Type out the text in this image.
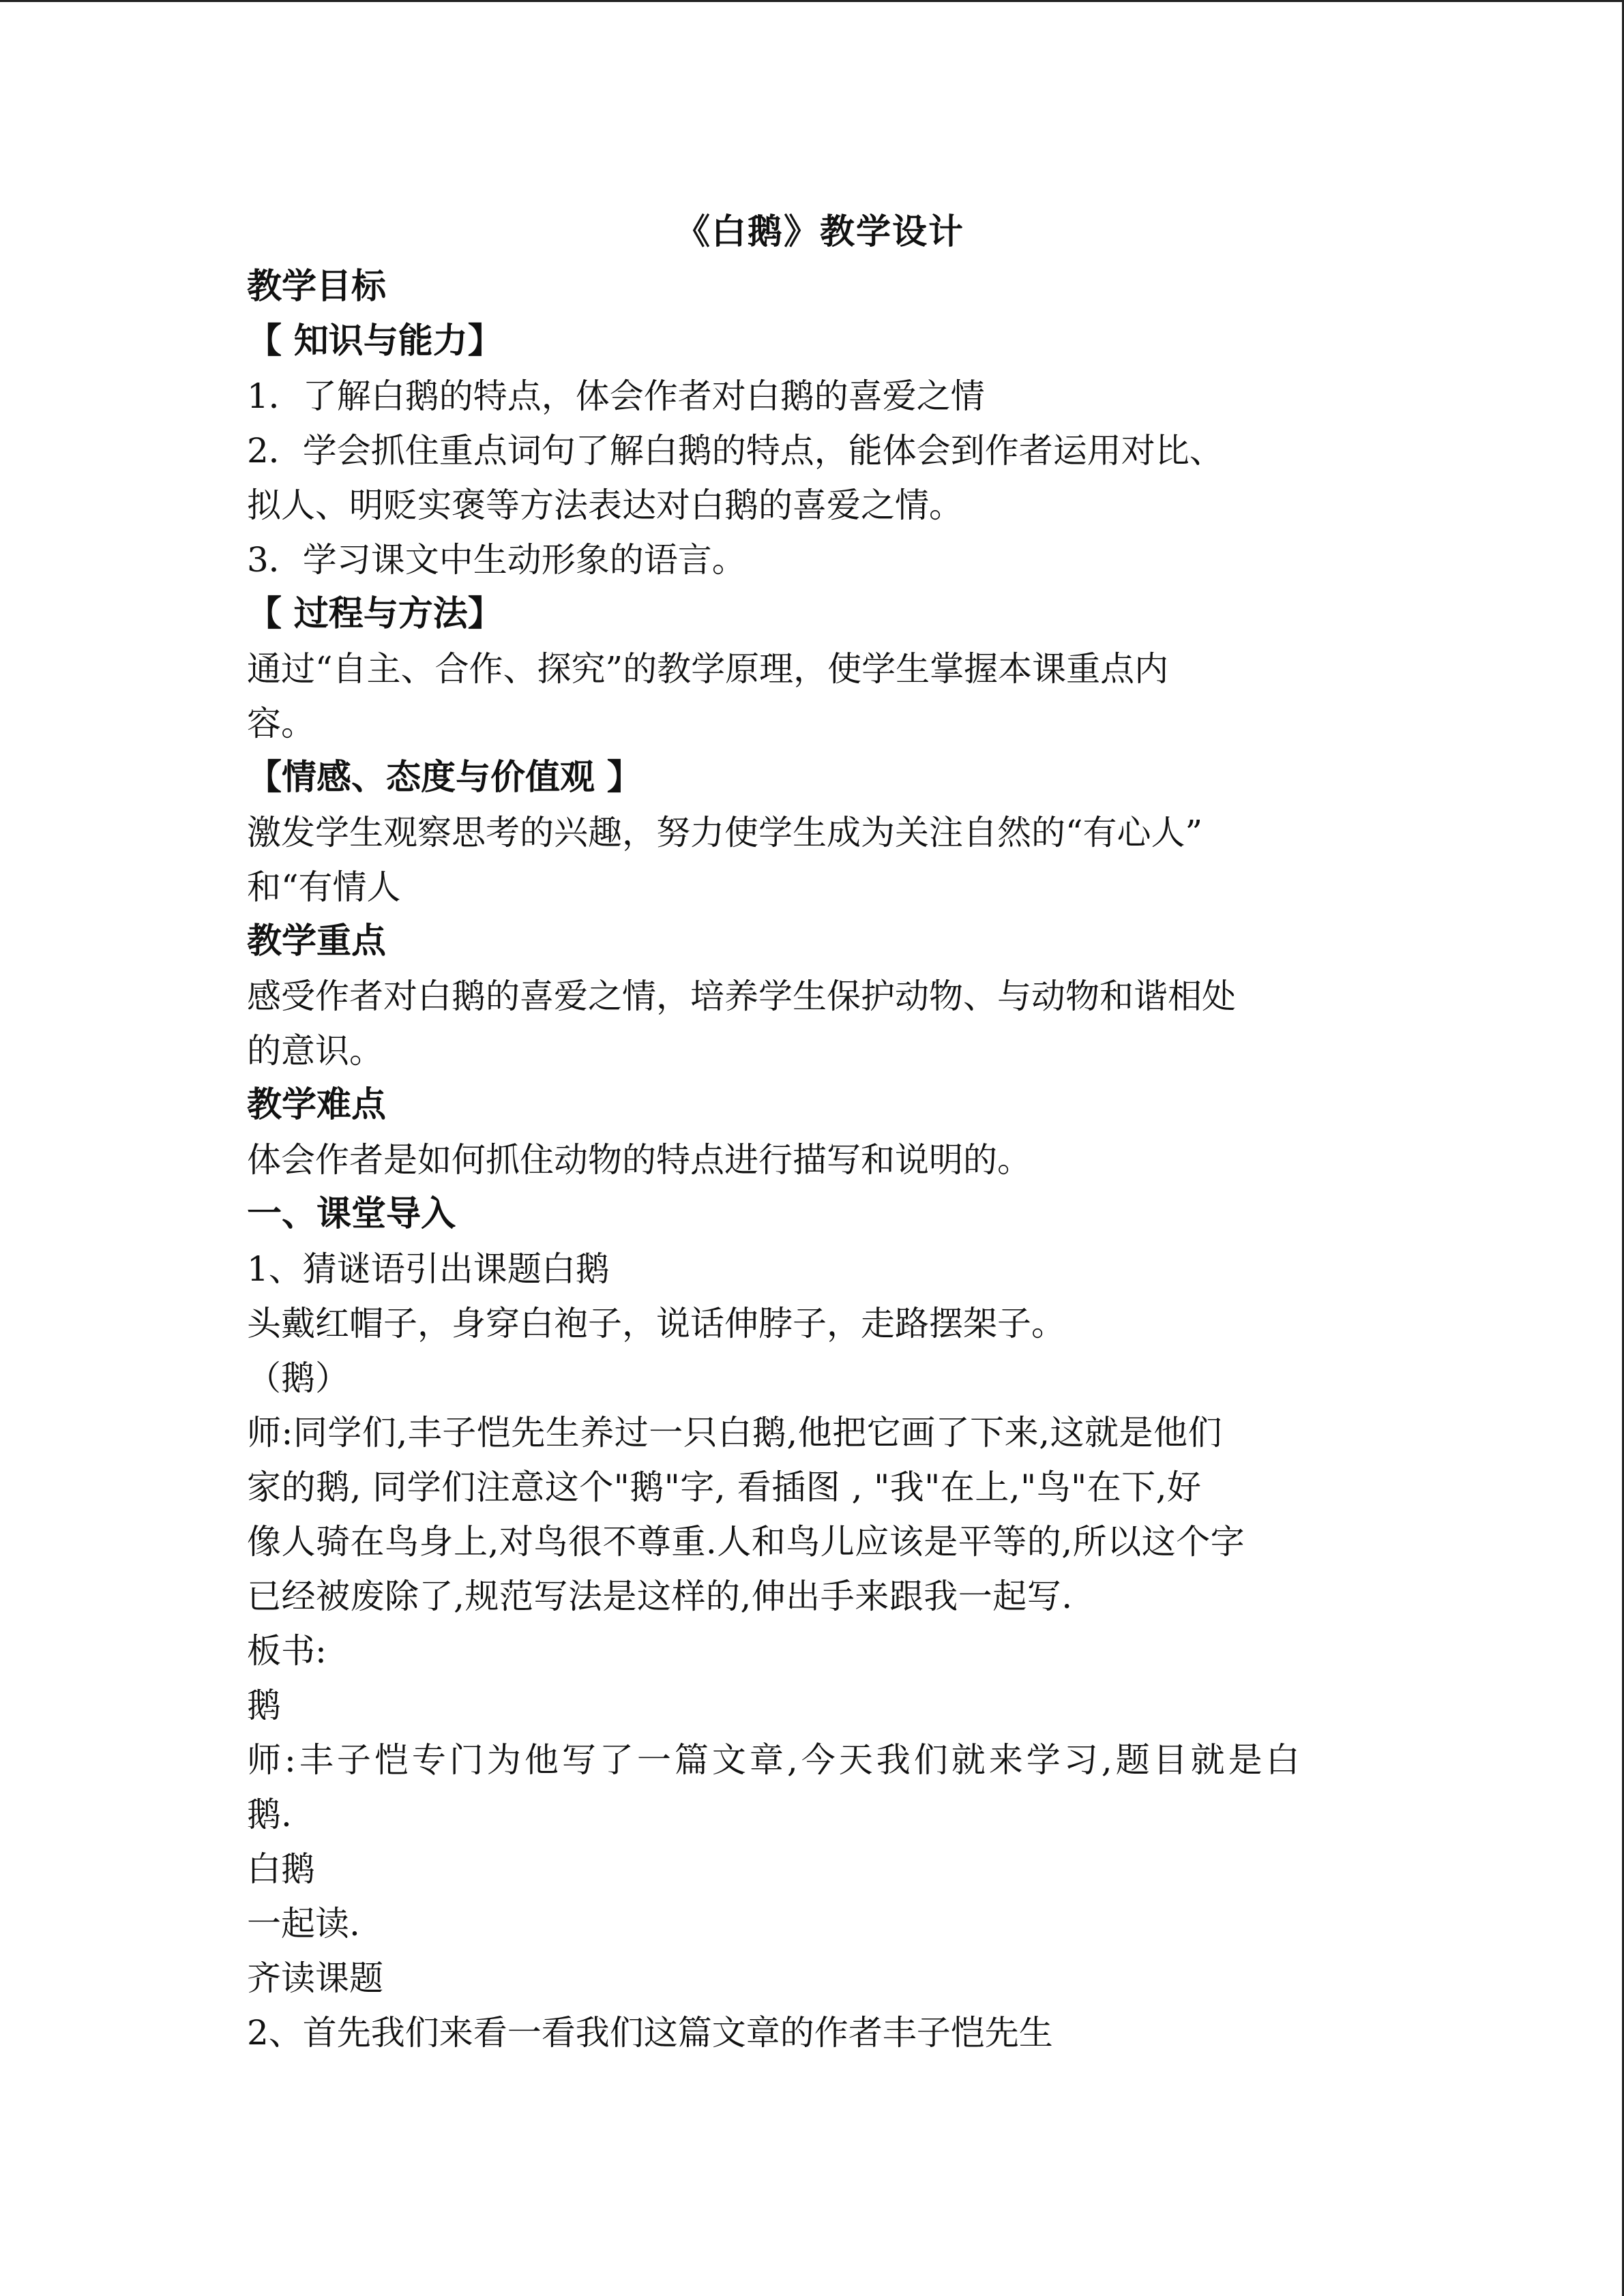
《白鹅》教学设计

教学目标

【 知识与能力】

1．了解白鹅的特点，体会作者对白鹅的喜爱之情

2．学会抓住重点词句了解白鹅的特点，能体会到作者运用对比、

拟人、明贬实褒等方法表达对白鹅的喜爱之情。

3．学习课文中生动形象的语言。

【 过程与方法】

通过“自主、合作、探究”的教学原理，使学生掌握本课重点内

容。

【情感、态度与价值观 】

激发学生观察思考的兴趣，努力使学生成为关注自然的“有心人”

和“有情人

教学重点

感受作者对白鹅的喜爱之情，培养学生保护动物、与动物和谐相处

的意识。

教学难点

体会作者是如何抓住动物的特点进行描写和说明的。

一、课堂导入

1、猜谜语引出课题白鹅

头戴红帽子，身穿白袍子，说话伸脖子，走路摆架子。

（鹅）

师:同学们,丰子恺先生养过一只白鹅,他把它画了下来,这就是他们

家的鹅, 同学们注意这个"鹅"字, 看插图 , "我"在上,"鸟"在下,好

像人骑在鸟身上,对鸟很不尊重.人和鸟儿应该是平等的,所以这个字

已经被废除了,规范写法是这样的,伸出手来跟我一起写.

板书:

鹅

师:丰子恺专门为他写了一篇文章,今天我们就来学习,题目就是白

鹅.

白鹅

一起读.

齐读课题

2、首先我们来看一看我们这篇文章的作者丰子恺先生
